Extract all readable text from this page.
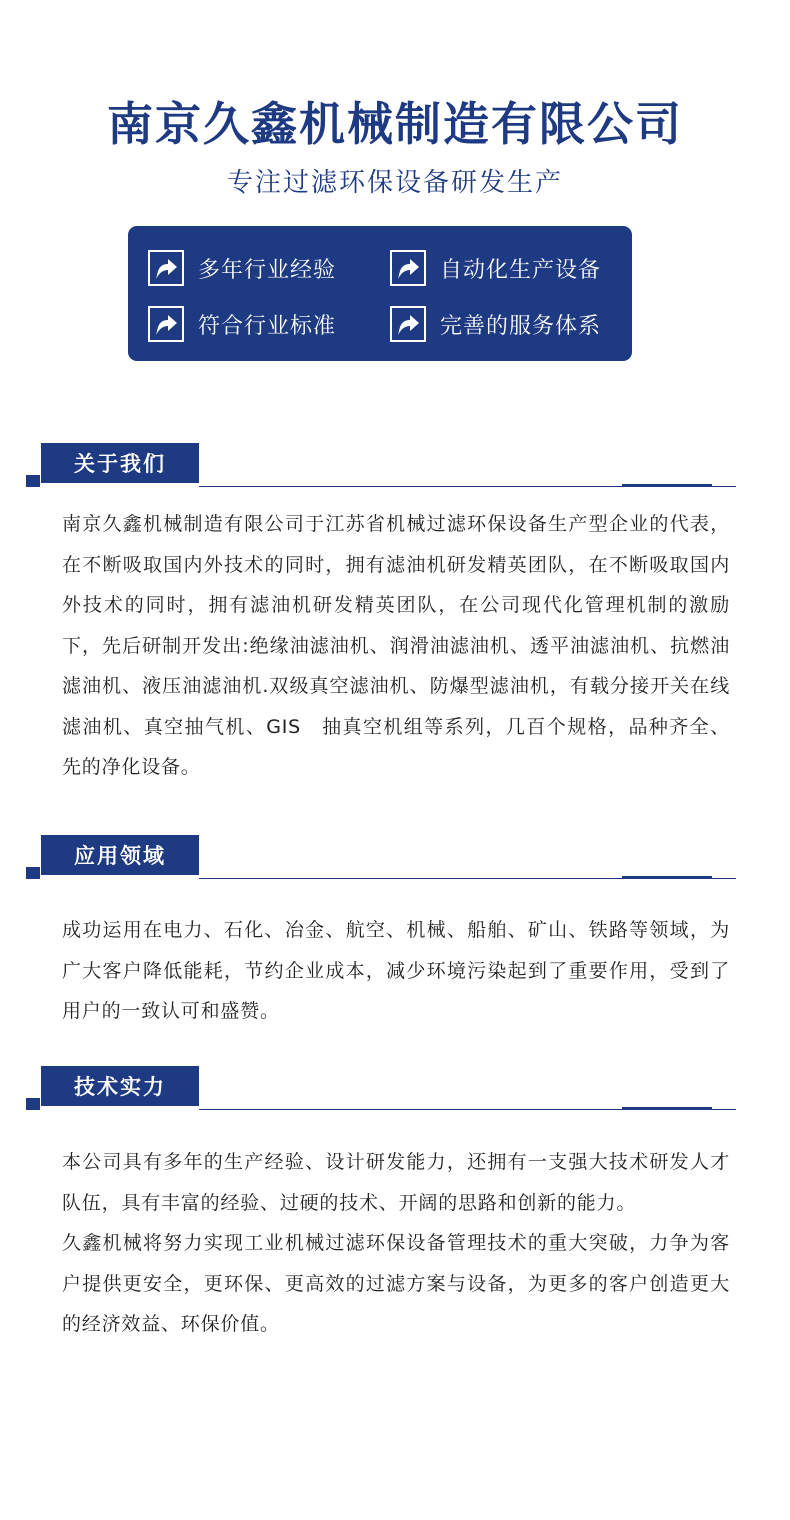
南京久鑫机械制造有限公司
专注过滤环保设备研发生产
多年行业经验	自动化生产设备
符合行业标准	完善的服务体系
关于我们

南京久鑫机械制造有限公司于江苏省机械过滤环保设备生产型企业的代表，在不断吸取国内外技术的同时，拥有滤油机研发精英团队，在不断吸取国内外技术的同时，拥有滤油机研发精英团队，在公司现代化管理机制的激励下，先后研制开发出:绝缘油滤油机、润滑油滤油机、透平油滤油机、抗燃油滤油机、液压油滤油机.双级真空滤油机、防爆型滤油机，有载分接开关在线滤油机、真空抽气机、GIS　抽真空机组等系列，几百个规格，品种齐全、先的净化设备。

应用领域

成功运用在电力、石化、冶金、航空、机械、船舶、矿山、铁路等领域，为广大客户降低能耗，节约企业成本，减少环境污染起到了重要作用，受到了用户的一致认可和盛赞。

技术实力

本公司具有多年的生产经验、设计研发能力，还拥有一支强大技术研发人才队伍，具有丰富的经验、过硬的技术、开阔的思路和创新的能力。

久鑫机械将努力实现工业机械过滤环保设备管理技术的重大突破，力争为客户提供更安全，更环保、更高效的过滤方案与设备，为更多的客户创造更大的经济效益、环保价值。
